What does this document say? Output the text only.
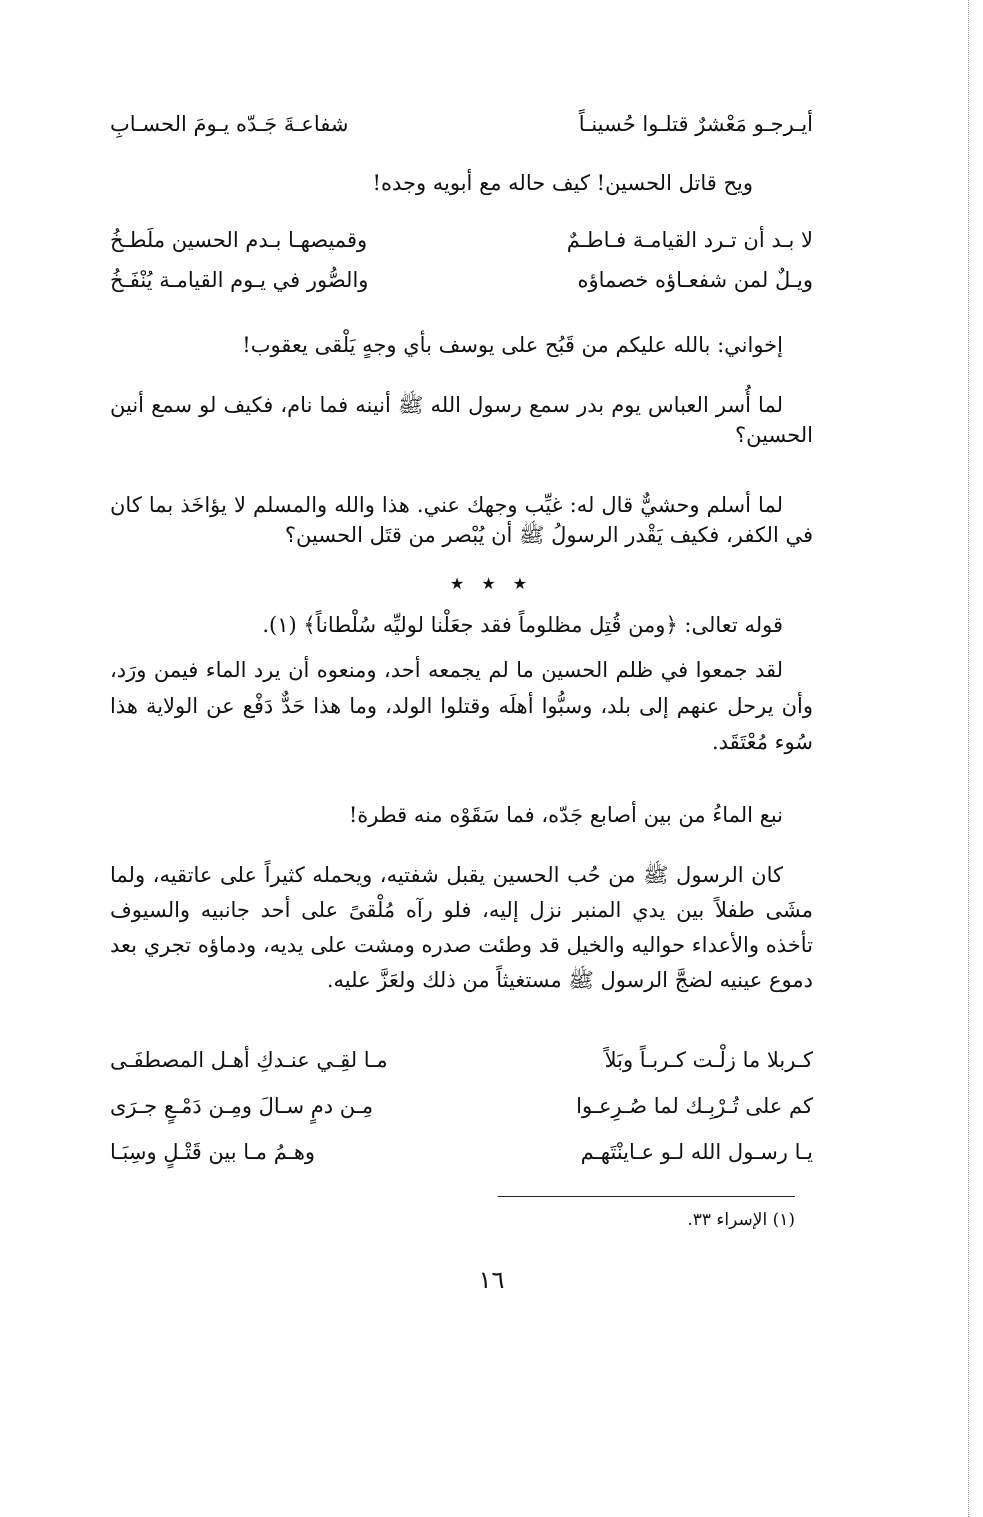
أيـرجـو مَعْشرٌ قتلـوا حُسينـاً
شفاعـةَ جَـدّه يـومَ الحسـابِ

ويح قاتل الحسين! كيف حاله مع أبويه وجده!

لا بـد أن تـرد القيامـة فـاطـمٌ
وقميصهـا بـدم الحسين ملَطـخُ
ويـلٌ لمن شفعـاؤه خصماؤه
والصُّور في يـوم القيامـة يُنْفَـخُ

إخواني: بالله عليكم من قَبُح على يوسف بأي وجهٍ يَلْقى يعقوب!

لما أُسر العباس يوم بدر سمع رسول الله ﷺ أنينه فما نام، فكيف لو سمع أنين الحسين؟

لما أسلم وحشيٌّ قال له: غيِّب وجهك عني. هذا والله والمسلم لا يؤاخَذ بما كان في الكفر، فكيف يَقْدر الرسولُ ﷺ أن يُبْصر من قتَل الحسين؟

★ ★ ★

قوله تعالى: ﴿ومن قُتِل مظلوماً فقد جعَلْنا لوليِّه سُلْطاناً﴾ (١).

لقد جمعوا في ظلم الحسين ما لم يجمعه أحد، ومنعوه أن يرد الماء فيمن ورَد، وأن يرحل عنهم إلى بلد، وسبُّوا أهلَه وقتلوا الولد، وما هذا حَدٌّ دَفْع عن الولاية هذا سُوء مُعْتَقَد.

نبع الماءُ من بين أصابع جَدّه، فما سَقَوْه منه قطرة!

كان الرسول ﷺ من حُب الحسين يقبل شفتيه، ويحمله كثيراً على عاتقيه، ولما مشَى طفلاً بين يدي المنبر نزل إليه، فلو رآه مُلْقىً على أحد جانبيه والسيوف تأخذه والأعداء حواليه والخيل قد وطئت صدره ومشت على يديه، ودماؤه تجري بعد دموع عينيه لضجَّ الرسول ﷺ مستغيثاً من ذلك ولعَزَّ عليه.

كـربلا ما زلْـت كـربـاً وبَلاً
مـا لقِـي عنـدكِ أهـل المصطفَـى
كم على تُـرْبِـك لما صُـرِعـوا
مِـن دمٍ سـالَ ومِـن دَمْـعٍ جـرَى
يـا رسـول الله لـو عـاينْتَهـم
وهـمُ مـا بين قَتْـلٍ وسِبَـا
(١) الإسراء ٣٣.
١٦
